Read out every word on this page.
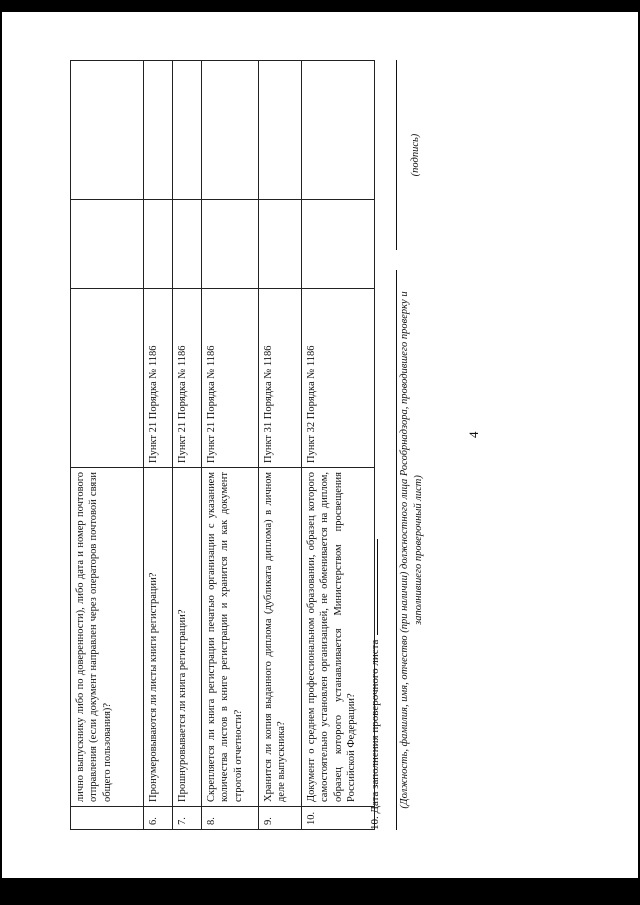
4
	лично выпускнику либо по доверенности), либо дата и номер почтового отправления (если документ направлен через операторов почтовой связи общего пользования)?			
6.	Пронумеровываются ли листы книги регистрации?	Пункт 21 Порядка № 1186		
7.	Прошнуровывается ли книга регистрации?	Пункт 21 Порядка № 1186		
8.	Скрепляется ли книга регистрации печатью организации с указанием количества листов в книге регистрации и хранится ли как документ строгой отчетности?	Пункт 21 Порядка № 1186		
9.	Хранится ли копия выданного диплома (дубликата диплома) в личном деле выпускника?	Пункт 31 Порядка № 1186		
10.	Документ о среднем профессиональном образовании, образец которого самостоятельно установлен организацией, не обменивается на диплом, образец которого устанавливается Министерством просвещения Российской Федерации?	Пункт 32 Порядка № 1186		
10. Дата заполнения проверочного листа (Должность, фамилия, имя, отчество (при наличии) должностного лица Рособрнадзора, проводившего проверку и заполнившего проверочный лист)
(подпись)
